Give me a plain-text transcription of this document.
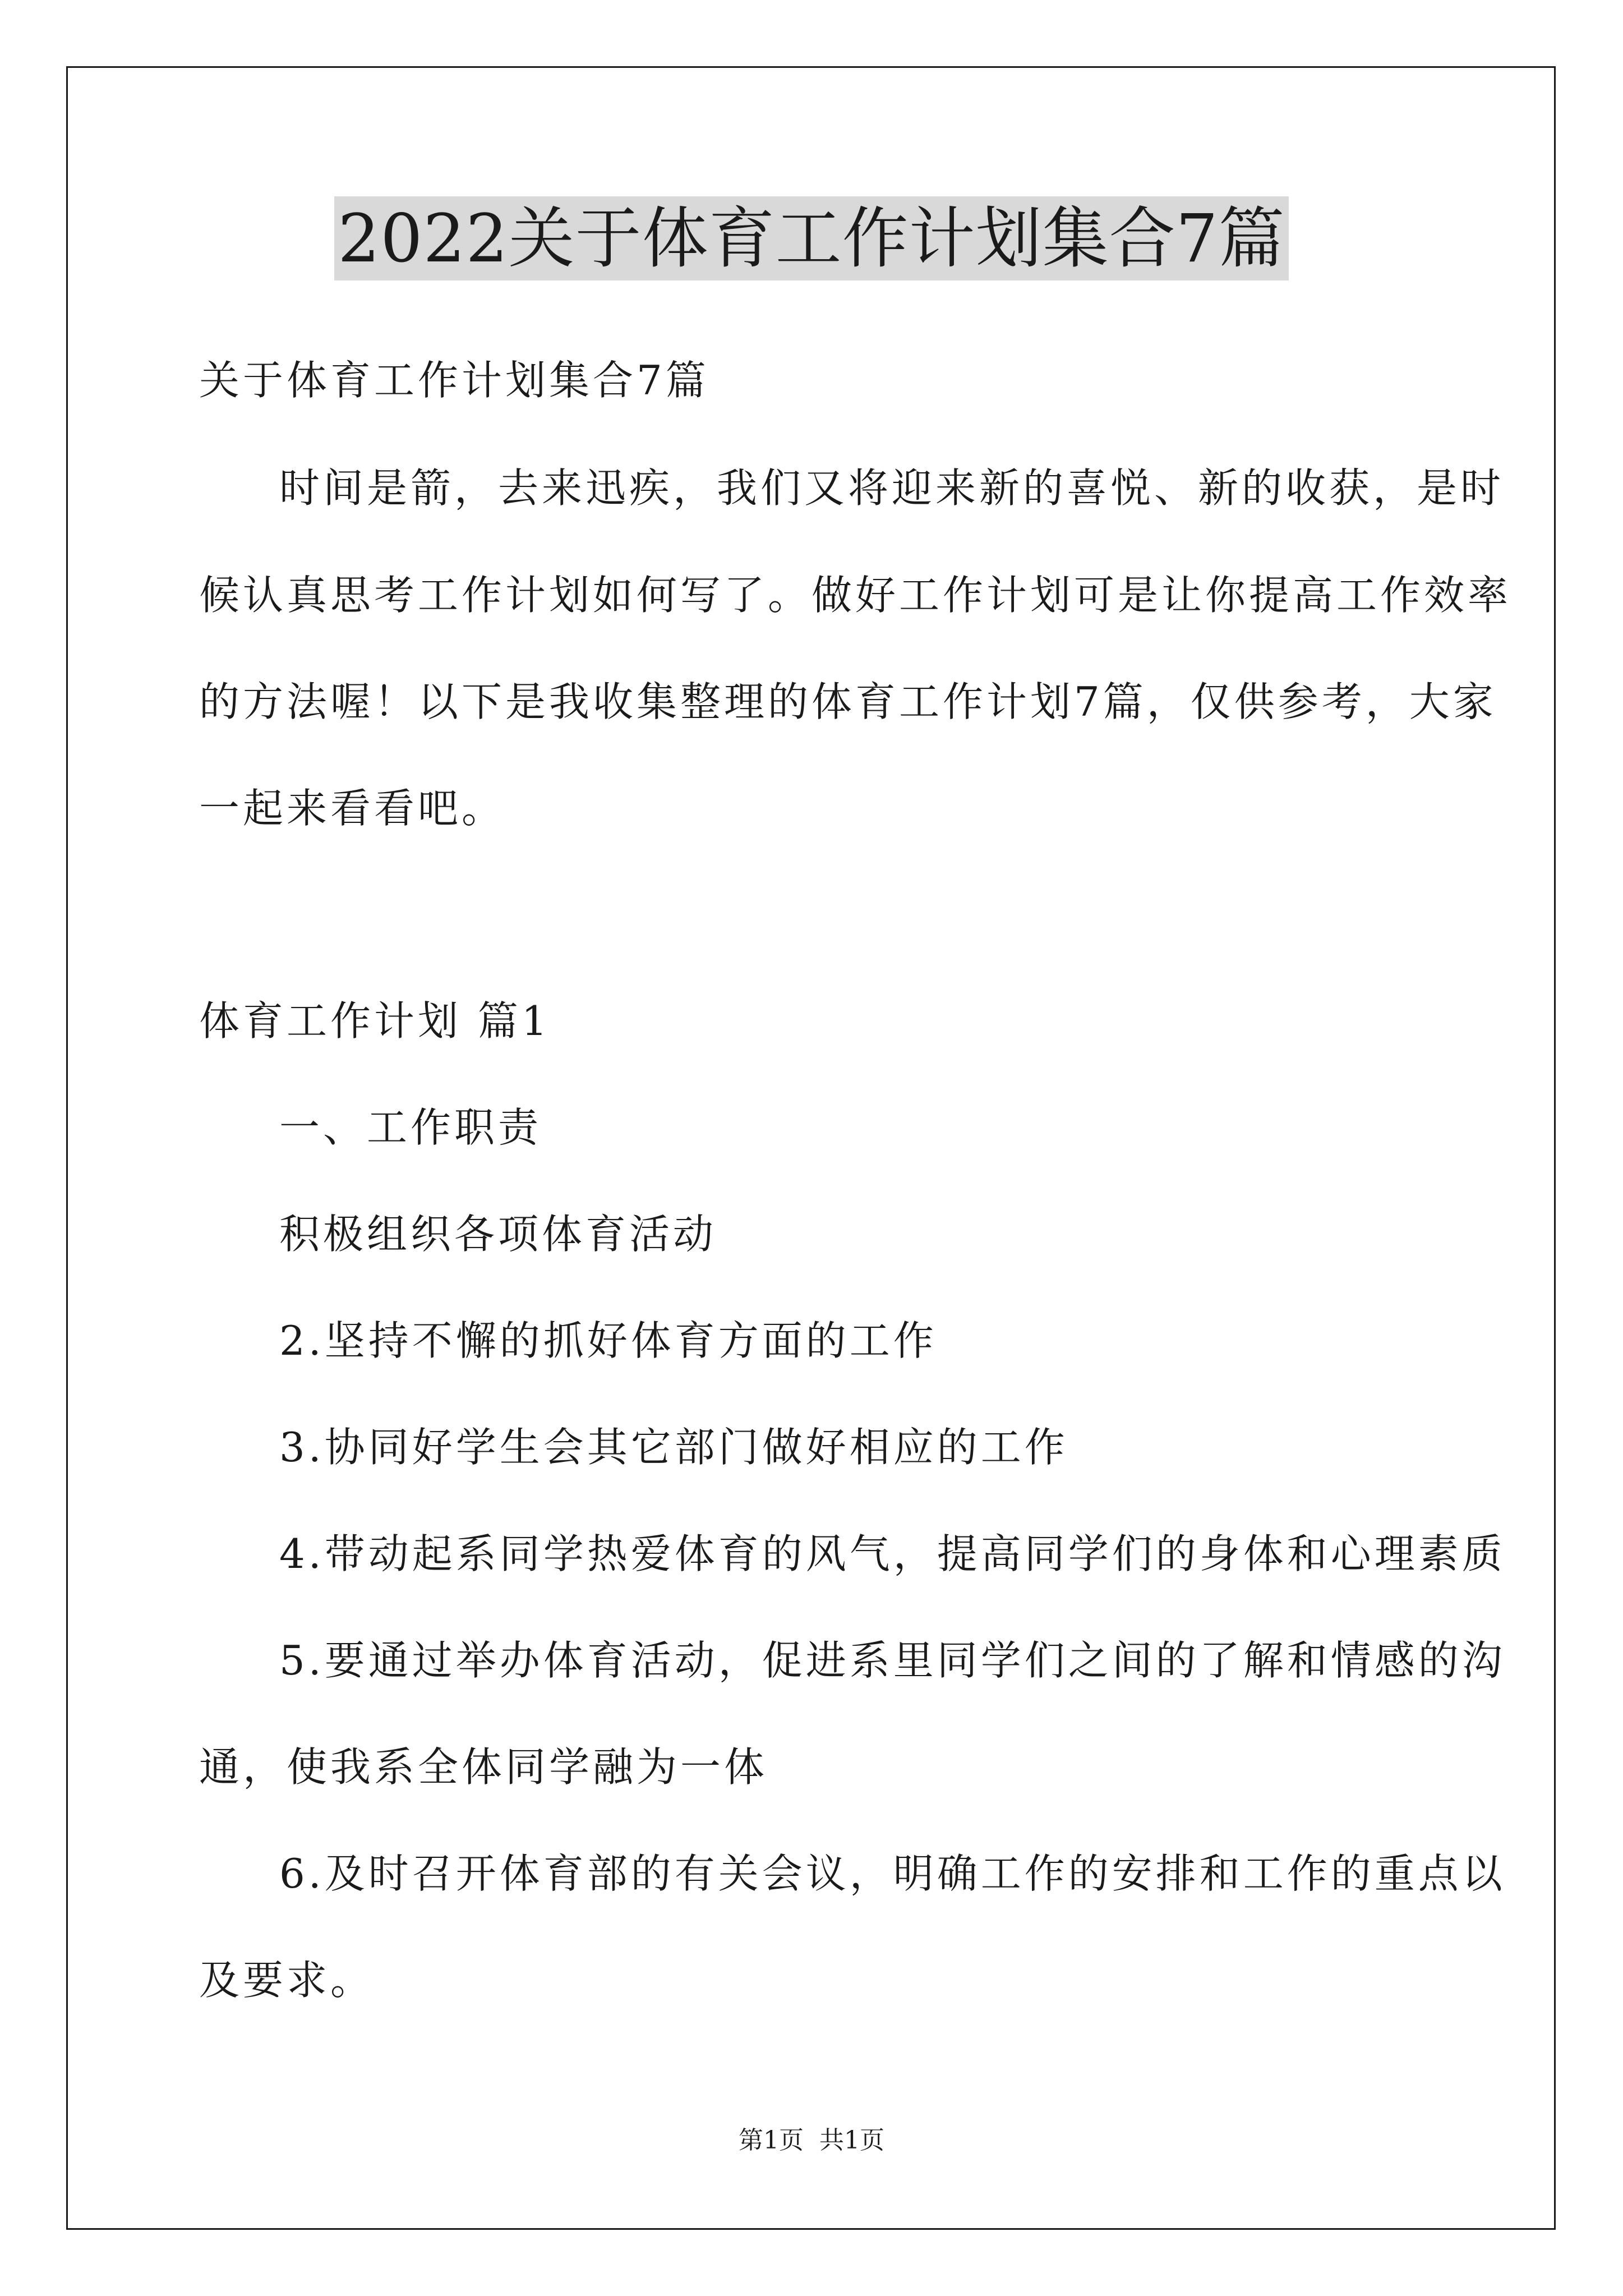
2022关于体育工作计划集合7篇
关于体育工作计划集合7篇
时间是箭，去来迅疾，我们又将迎来新的喜悦、新的收获，是时
候认真思考工作计划如何写了。做好工作计划可是让你提高工作效率
的方法喔！以下是我收集整理的体育工作计划7篇，仅供参考，大家
一起来看看吧。
体育工作计划 篇1
一、工作职责
积极组织各项体育活动
2.坚持不懈的抓好体育方面的工作
3.协同好学生会其它部门做好相应的工作
4.带动起系同学热爱体育的风气，提高同学们的身体和心理素质
5.要通过举办体育活动，促进系里同学们之间的了解和情感的沟
通，使我系全体同学融为一体
6.及时召开体育部的有关会议，明确工作的安排和工作的重点以
及要求。
第1页 共1页
